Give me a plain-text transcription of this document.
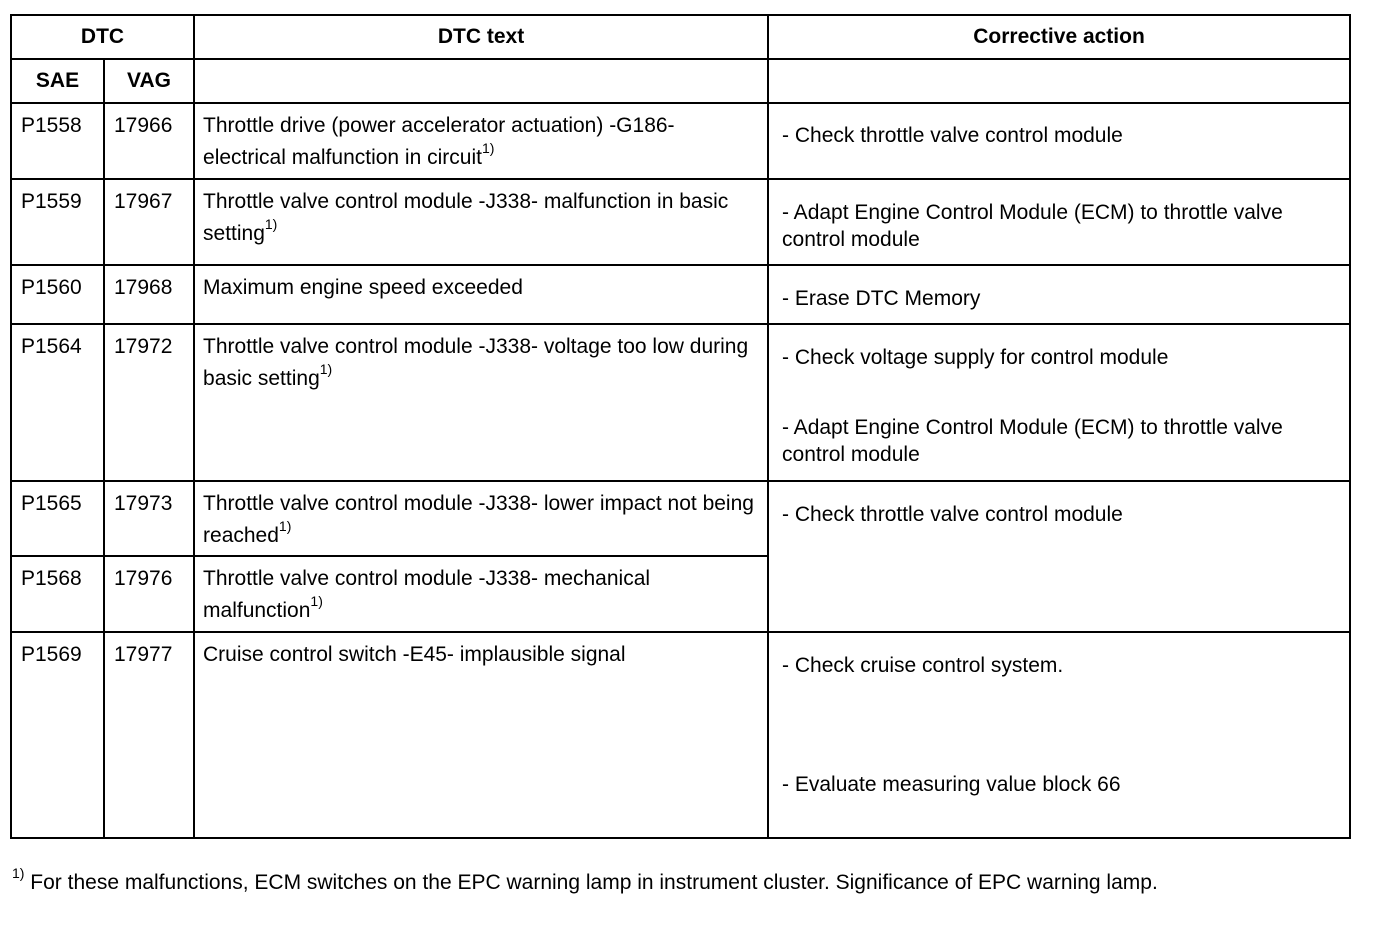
DTC		DTC text	Corrective action
SAE	VAG		
P1558	17966	Throttle drive (power accelerator actuation) -G186- electrical malfunction in circuit$^{1)}$	- Check throttle valve control module

P1559	17967	Throttle valve control module -J338- malfunction in basic setting$^{1)}$	- Adapt Engine Control Module (ECM) to throttle valve control module

P1560	17968	Maximum engine speed exceeded	- Erase DTC Memory

P1564	17972	Throttle valve control module -J338- voltage too low during basic setting$^{1)}$	- Check voltage supply for control module
- Adapt Engine Control Module (ECM) to throttle valve control module

P1565	17973	Throttle valve control module -J338- lower impact not being reached$^{1)}$	- Check throttle valve control module

P1568	17976	Throttle valve control module -J338- mechanical malfunction$^{1)}$
P1569	17977	Cruise control switch -E45- implausible signal	- Check cruise control system.
- Evaluate measuring value block 66
$^{1)}$ For these malfunctions, ECM switches on the EPC warning lamp in instrument cluster. Significance of EPC warning lamp.
